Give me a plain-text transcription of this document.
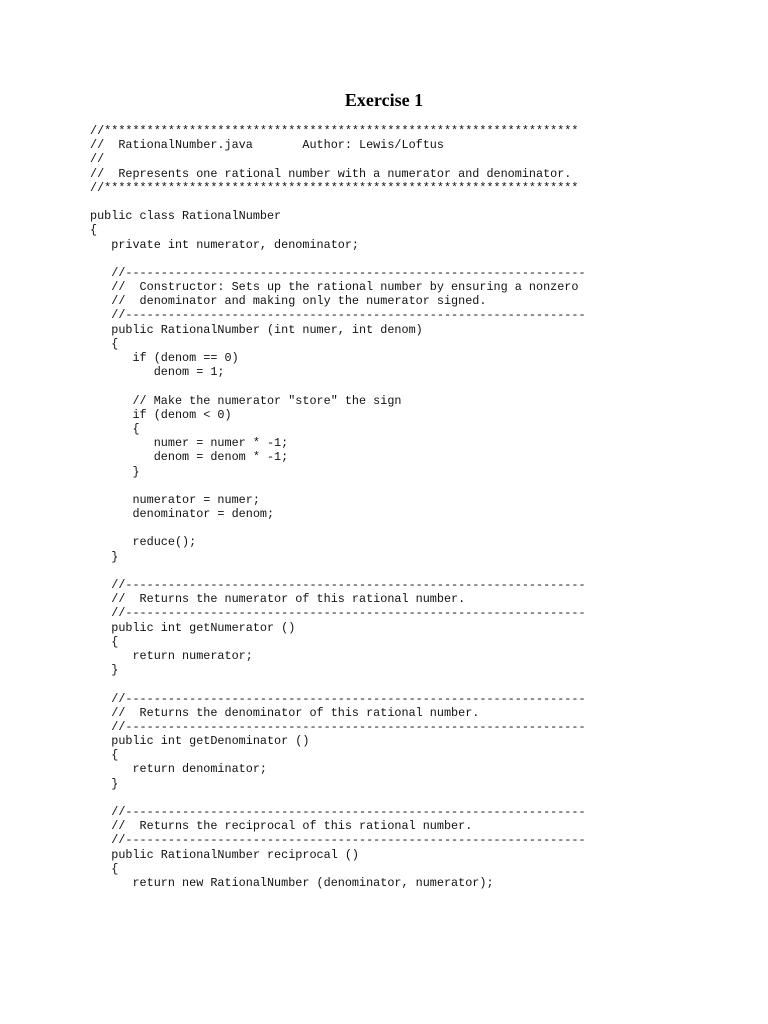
Exercise 1
//*******************************************************************
//  RationalNumber.java       Author: Lewis/Loftus
//
//  Represents one rational number with a numerator and denominator.
//*******************************************************************
public class RationalNumber
{
private int numerator, denominator;
//-----------------------------------------------------------------
//  Constructor: Sets up the rational number by ensuring a nonzero
//  denominator and making only the numerator signed.
//-----------------------------------------------------------------
public RationalNumber (int numer, int denom)
{
if (denom == 0)
denom = 1;
// Make the numerator "store" the sign
if (denom < 0)
{
numer = numer * -1;
denom = denom * -1;
}
numerator = numer;
denominator = denom;
reduce();
}
//-----------------------------------------------------------------
//  Returns the numerator of this rational number.
//-----------------------------------------------------------------
public int getNumerator ()
{
return numerator;
}
//-----------------------------------------------------------------
//  Returns the denominator of this rational number.
//-----------------------------------------------------------------
public int getDenominator ()
{
return denominator;
}
//-----------------------------------------------------------------
//  Returns the reciprocal of this rational number.
//-----------------------------------------------------------------
public RationalNumber reciprocal ()
{
return new RationalNumber (denominator, numerator);
